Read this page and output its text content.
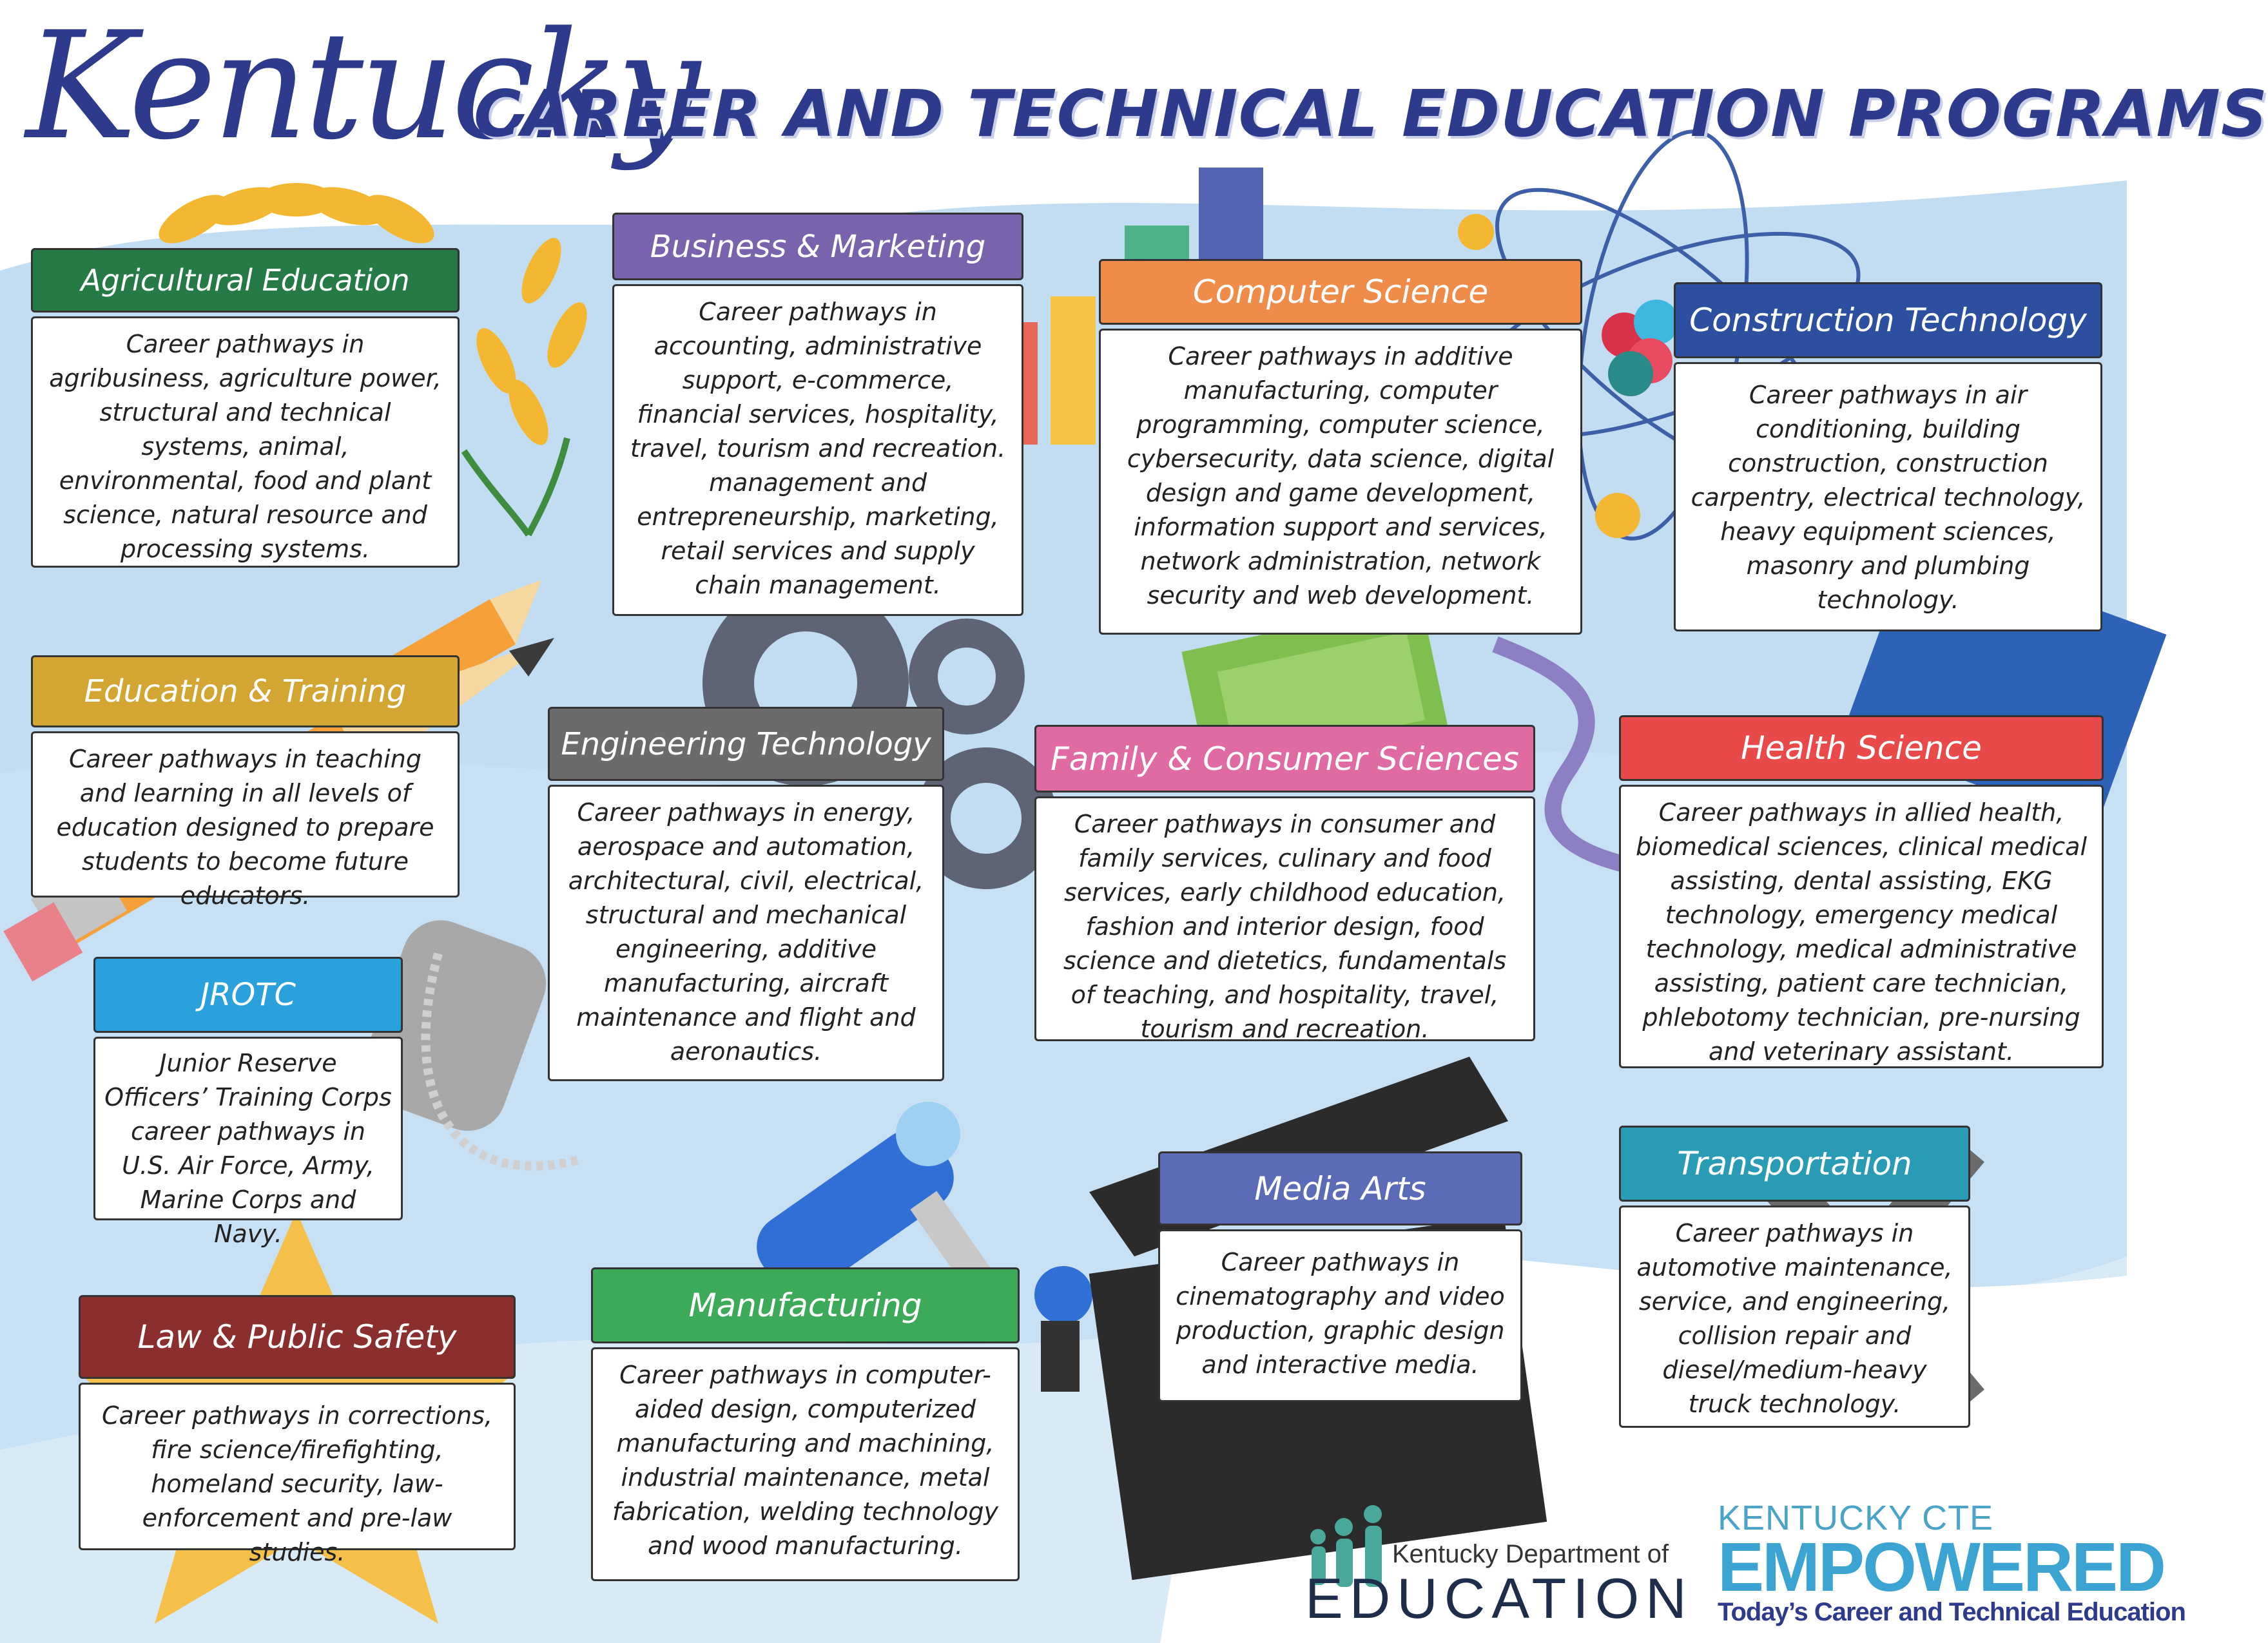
Kentucky
CAREER AND TECHNICAL EDUCATION PROGRAMS
Agricultural Education
Career pathways in agribusiness, agriculture power, structural and technical systems, animal, environmental, food and plant science, natural resource and processing systems.
Business & Marketing
Career pathways in accounting, administrative support, e-commerce, financial services, hospitality, travel, tourism and recreation. management and entrepreneurship, marketing, retail services and supply chain management.
Computer Science
Career pathways in additive manufacturing, computer programming, computer science, cybersecurity, data science, digital design and game development, information support and services, network administration, network security and web development.
Construction Technology
Career pathways in air conditioning, building construction, construction carpentry, electrical technology, heavy equipment sciences, masonry and plumbing technology.
Education & Training
Career pathways in teaching and learning in all levels of education designed to prepare students to become future educators.
Engineering Technology
Career pathways in energy, aerospace and automation, architectural, civil, electrical, structural and mechanical engineering, additive manufacturing, aircraft maintenance and flight and aeronautics.
Family & Consumer Sciences
Career pathways in consumer and family services, culinary and food services, early childhood education, fashion and interior design, food science and dietetics, fundamentals of teaching, and hospitality, travel, tourism and recreation.
Health Science
Career pathways in allied health, biomedical sciences, clinical medical assisting, dental assisting, EKG technology, emergency medical technology, medical administrative assisting, patient care technician, phlebotomy technician, pre-nursing and veterinary assistant.
JROTC
Junior Reserve Officers’ Training Corps career pathways in U.S. Air Force, Army, Marine Corps and Navy.
Media Arts
Career pathways in cinematography and video production, graphic design and interactive media.
Transportation
Career pathways in automotive maintenance, service, and engineering, collision repair and diesel/medium-heavy truck technology.
Law & Public Safety
Career pathways in corrections, fire science/firefighting, homeland security, law-enforcement and pre-law studies.
Manufacturing
Career pathways in computer-aided design, computerized manufacturing and machining, industrial maintenance, metal fabrication, welding technology and wood manufacturing.	Kentucky Department of
EDUCATION
KENTUCKY CTE
EMPOWERED
Today’s Career and Technical Education
